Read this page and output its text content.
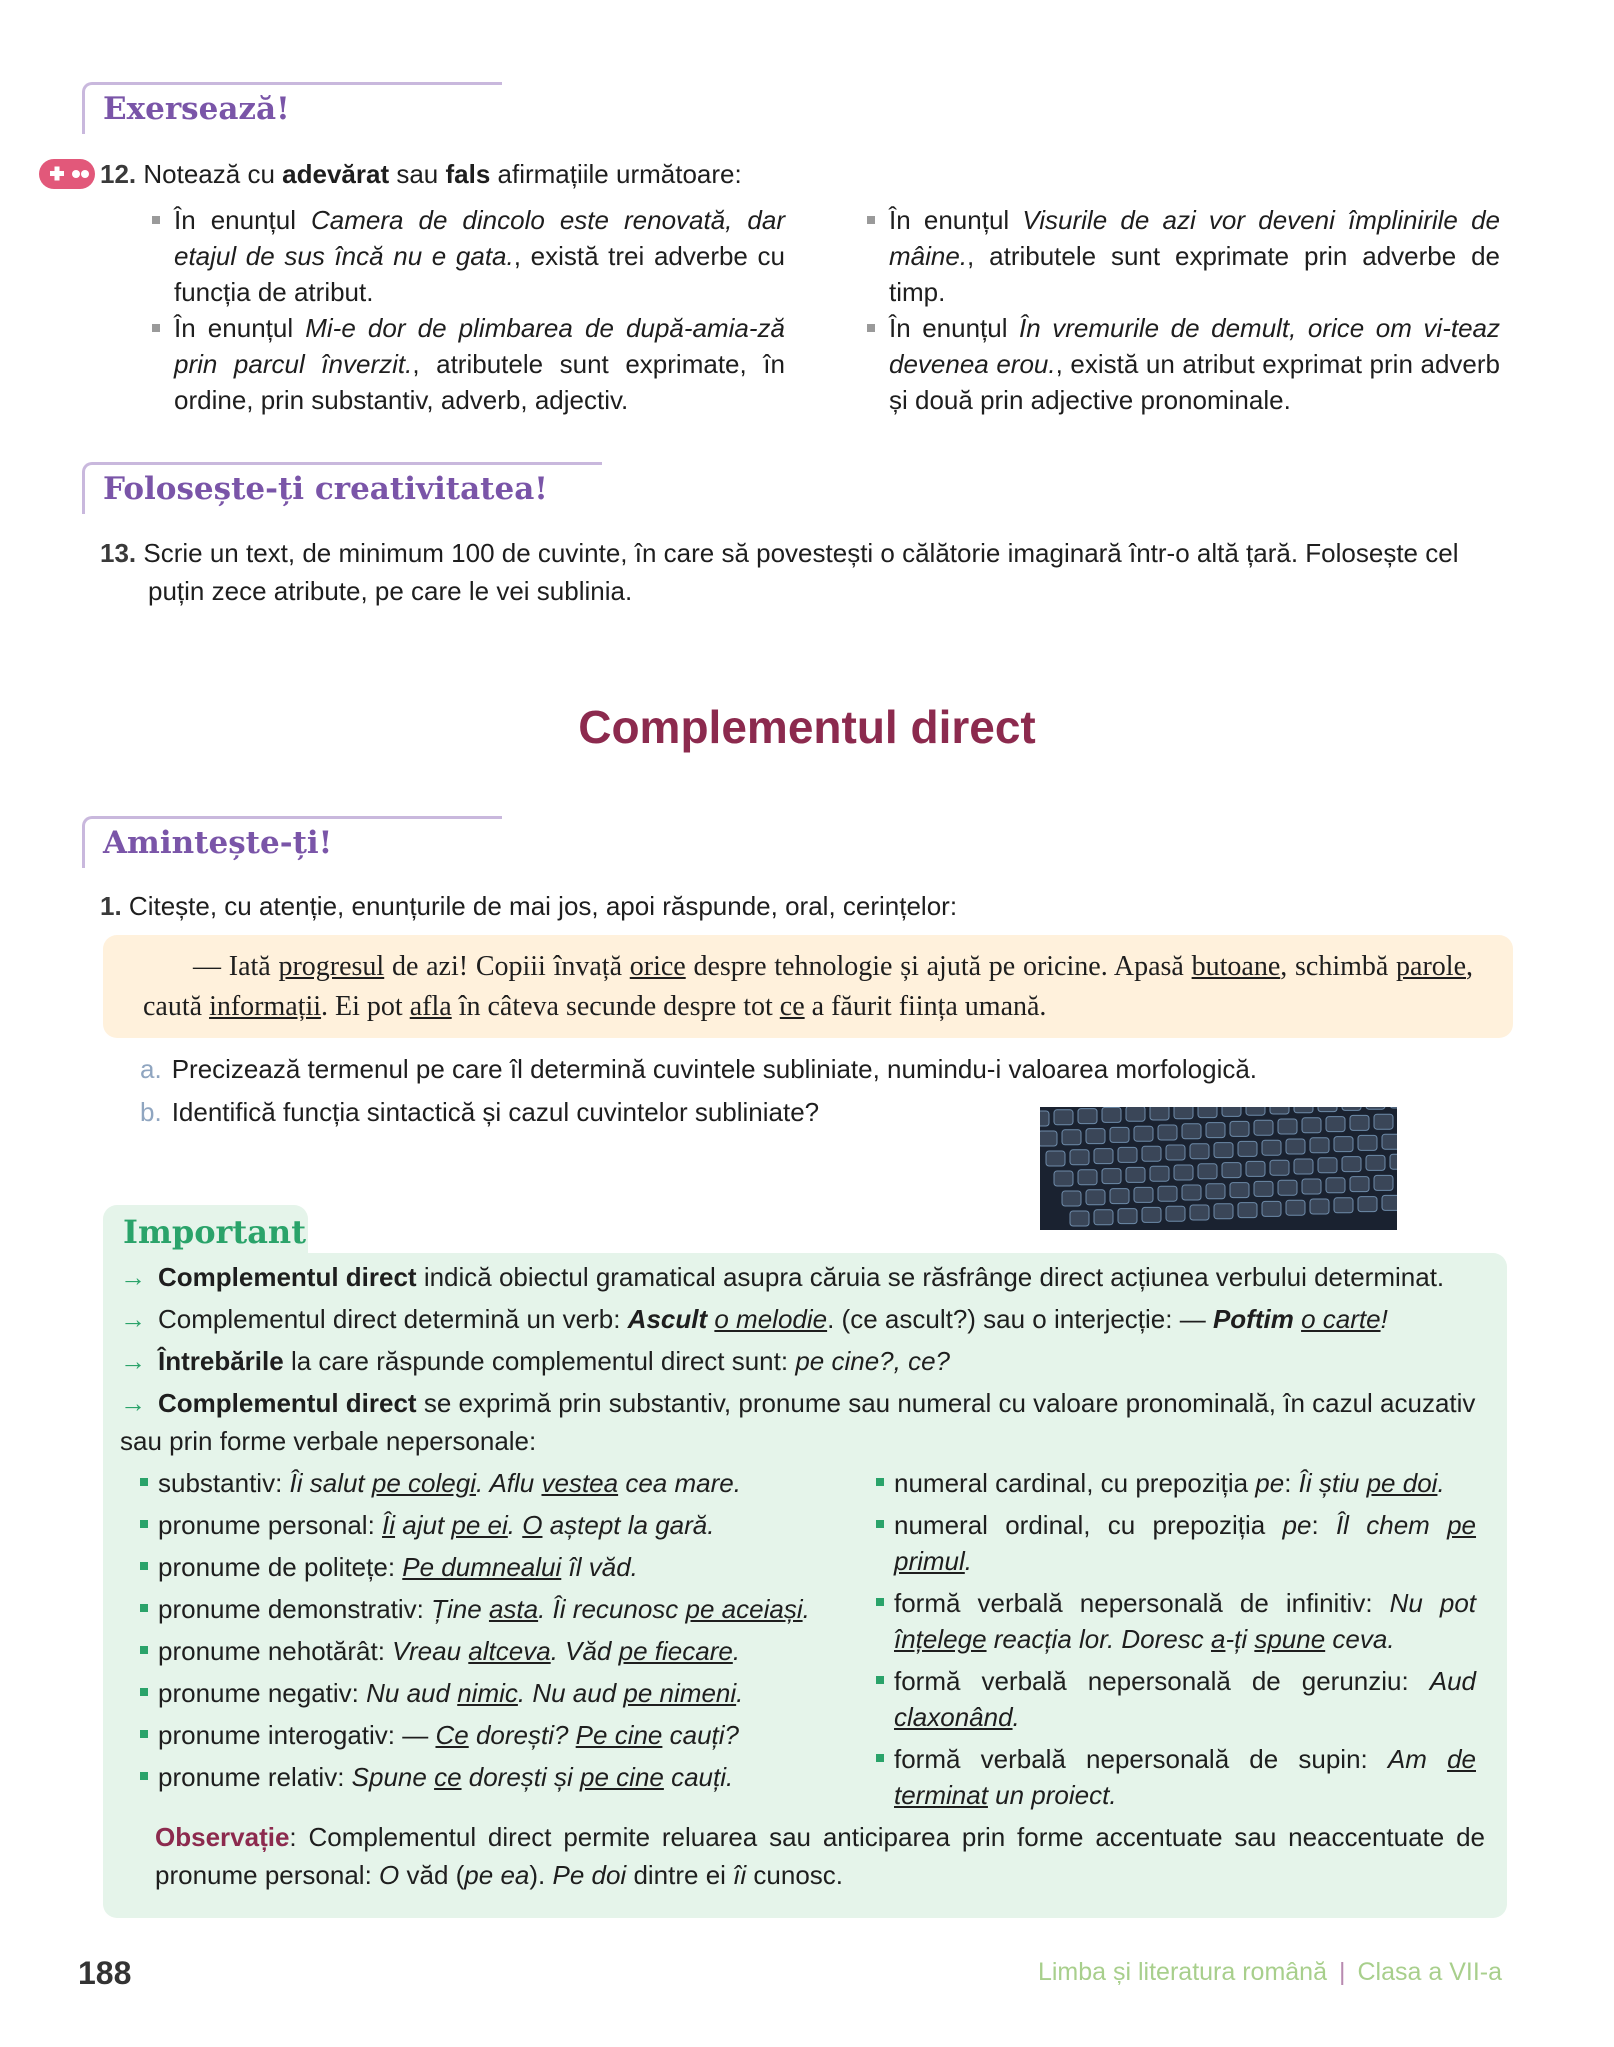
Exersează!
12. Notează cu adevărat sau fals afirmațiile următoare:
În enunțul Camera de dincolo este renovată, dar etajul de sus încă nu e gata., există trei adverbe cu funcția de atribut.
În enunțul Mi-e dor de plimbarea de după-amia-ză prin parcul înverzit., atributele sunt exprimate, în ordine, prin substantiv, adverb, adjectiv.
În enunțul Visurile de azi vor deveni împlinirile de mâine., atributele sunt exprimate prin adverbe de timp.
În enunțul În vremurile de demult, orice om vi-teaz devenea erou., există un atribut exprimat prin adverb și două prin adjective pronominale.
Folosește-ți creativitatea!
13. Scrie un text, de minimum 100 de cuvinte, în care să povestești o călătorie imaginară într-o altă țară. Folosește cel puțin zece atribute, pe care le vei sublinia.
Complementul direct
Amintește-ți!
1. Citește, cu atenție, enunțurile de mai jos, apoi răspunde, oral, cerințelor:
— Iată progresul de azi! Copiii învață orice despre tehnologie și ajută pe oricine. Apasă butoane, schimbă parole, caută informații. Ei pot afla în câteva secunde despre tot ce a făurit ființa umană.
a. Precizează termenul pe care îl determină cuvintele subliniate, numindu-i valoarea morfologică.
b. Identifică funcția sintactică și cazul cuvintelor subliniate?
Important
→ Complementul direct indică obiectul gramatical asupra căruia se răsfrânge direct acțiunea verbului determinat.
→ Complementul direct determină un verb: Ascult o melodie. (ce ascult?) sau o interjecție: — Poftim o carte!
→ Întrebările la care răspunde complementul direct sunt: pe cine?, ce?
→ Complementul direct se exprimă prin substantiv, pronume sau numeral cu valoare pronominală, în cazul acuzativ sau prin forme verbale nepersonale:
substantiv: Îi salut pe colegi. Aflu vestea cea mare.
pronume personal: Îi ajut pe ei. O aștept la gară.
pronume de politețe: Pe dumnealui îl văd.
pronume demonstrativ: Ține asta. Îi recunosc pe aceiași.
pronume nehotărât: Vreau altceva. Văd pe fiecare.
pronume negativ: Nu aud nimic. Nu aud pe nimeni.
pronume interogativ: — Ce dorești? Pe cine cauți?
pronume relativ: Spune ce dorești și pe cine cauți.
numeral cardinal, cu prepoziția pe: Îi știu pe doi.
numeral ordinal, cu prepoziția pe: Îl chem pe primul.
formă verbală nepersonală de infinitiv: Nu pot înțelege reacția lor. Doresc a-ți spune ceva.
formă verbală nepersonală de gerunziu: Aud claxonând.
formă verbală nepersonală de supin: Am de terminat un proiect.
Observație: Complementul direct permite reluarea sau anticiparea prin forme accentuate sau neaccentuate de pronume personal: O văd (pe ea). Pe doi dintre ei îi cunosc.
188	Limba și literatura română | Clasa a VII-a
